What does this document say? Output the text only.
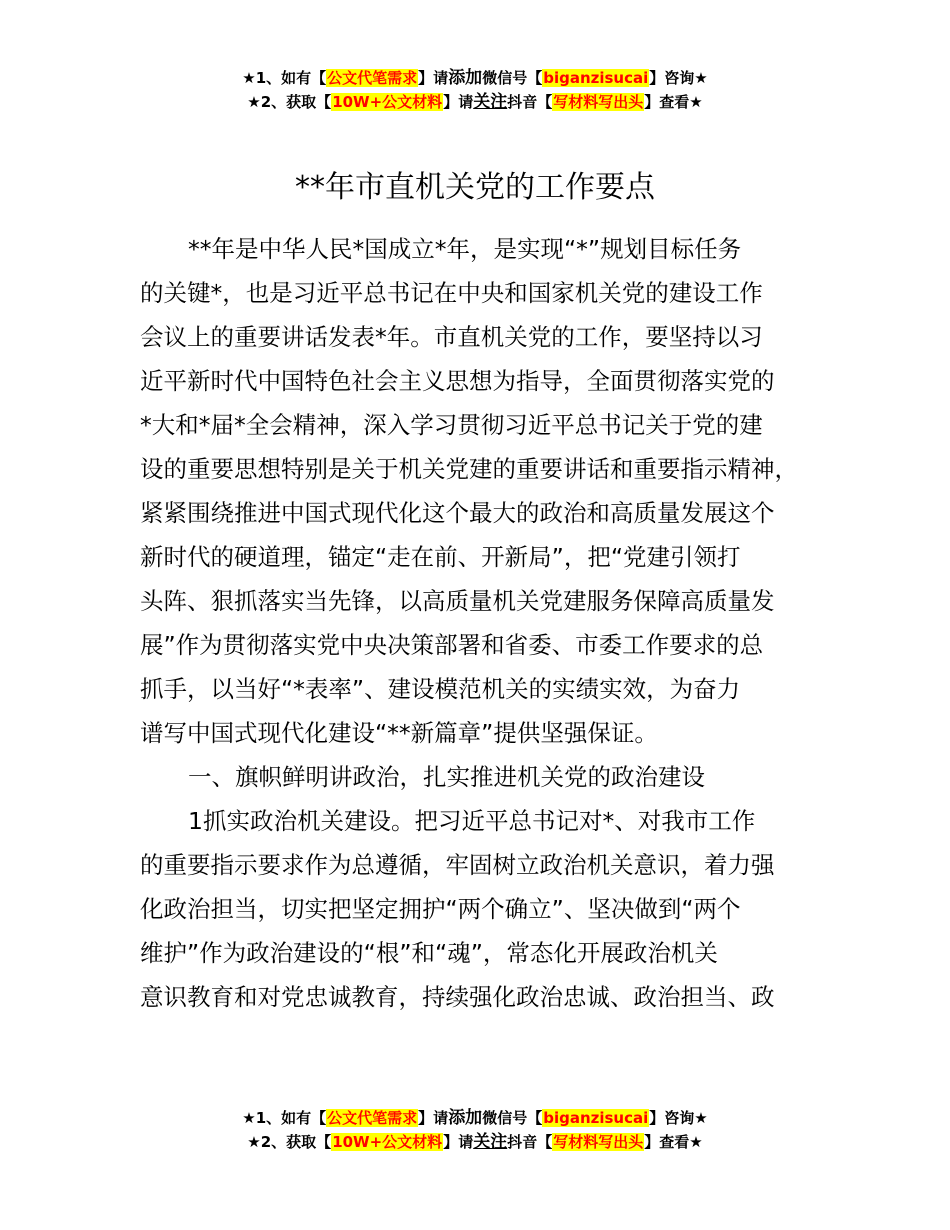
★1、如有【公文代笔需求】请添加微信号【biganzisucai】咨询★
★2、获取【10W+公文材料】请关注抖音【写材料写出头】查看★
**年市直机关党的工作要点
**年是中华人民*国成立*年，是实现“*”规划目标任务
的关键*，也是习近平总书记在中央和国家机关党的建设工作
会议上的重要讲话发表*年。市直机关党的工作，要坚持以习
近平新时代中国特色社会主义思想为指导，全面贯彻落实党的
*大和*届*全会精神，深入学习贯彻习近平总书记关于党的建
设的重要思想特别是关于机关党建的重要讲话和重要指示精神，
紧紧围绕推进中国式现代化这个最大的政治和高质量发展这个
新时代的硬道理，锚定“走在前、开新局”，把“党建引领打
头阵、狠抓落实当先锋，以高质量机关党建服务保障高质量发
展”作为贯彻落实党中央决策部署和省委、市委工作要求的总
抓手，以当好“*表率”、建设模范机关的实绩实效，为奋力
谱写中国式现代化建设“**新篇章”提供坚强保证。
一、旗帜鲜明讲政治，扎实推进机关党的政治建设
1抓实政治机关建设。把习近平总书记对*、对我市工作
的重要指示要求作为总遵循，牢固树立政治机关意识，着力强
化政治担当，切实把坚定拥护“两个确立”、坚决做到“两个
维护”作为政治建设的“根”和“魂”，常态化开展政治机关
意识教育和对党忠诚教育，持续强化政治忠诚、政治担当、政
★1、如有【公文代笔需求】请添加微信号【biganzisucai】咨询★
★2、获取【10W+公文材料】请关注抖音【写材料写出头】查看★
